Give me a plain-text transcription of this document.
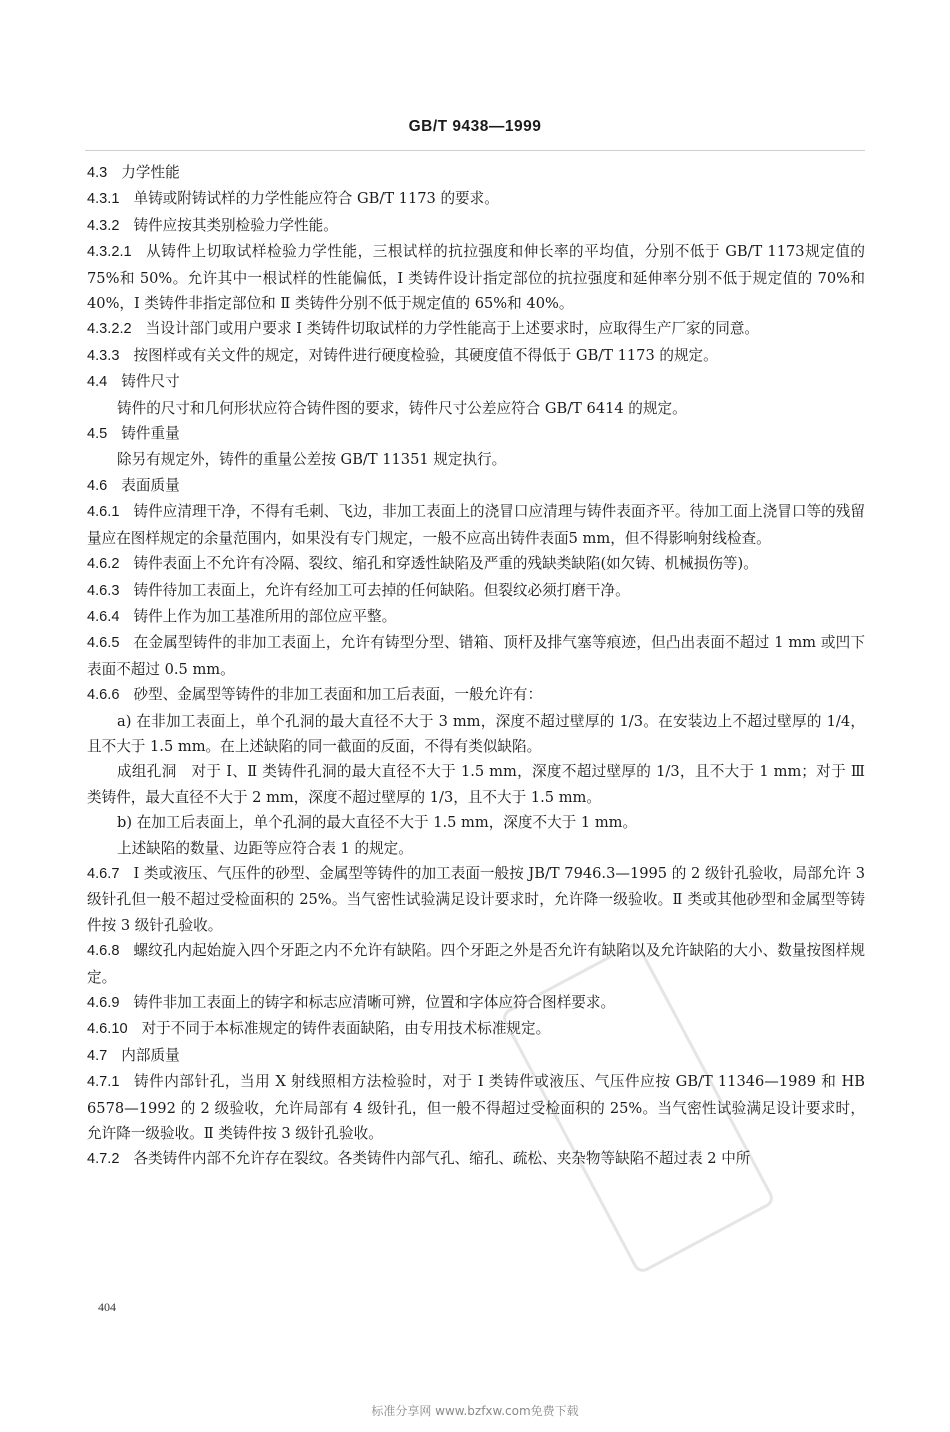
GB/T 9438—1999

4.3 力学性能

4.3.1 单铸或附铸试样的力学性能应符合 GB/T 1173 的要求。

4.3.2 铸件应按其类别检验力学性能。

4.3.2.1 从铸件上切取试样检验力学性能，三根试样的抗拉强度和伸长率的平均值，分别不低于 GB/T 1173规定值的 75%和 50%。允许其中一根试样的性能偏低，I 类铸件设计指定部位的抗拉强度和延伸率分别不低于规定值的 70%和 40%，I 类铸件非指定部位和 Ⅱ 类铸件分别不低于规定值的 65%和 40%。

4.3.2.2 当设计部门或用户要求 I 类铸件切取试样的力学性能高于上述要求时，应取得生产厂家的同意。

4.3.3 按图样或有关文件的规定，对铸件进行硬度检验，其硬度值不得低于 GB/T 1173 的规定。

4.4 铸件尺寸

铸件的尺寸和几何形状应符合铸件图的要求，铸件尺寸公差应符合 GB/T 6414 的规定。

4.5 铸件重量

除另有规定外，铸件的重量公差按 GB/T 11351 规定执行。

4.6 表面质量

4.6.1 铸件应清理干净，不得有毛刺、飞边，非加工表面上的浇冒口应清理与铸件表面齐平。待加工面上浇冒口等的残留量应在图样规定的余量范围内，如果没有专门规定，一般不应高出铸件表面5 mm，但不得影响射线检查。

4.6.2 铸件表面上不允许有冷隔、裂纹、缩孔和穿透性缺陷及严重的残缺类缺陷(如欠铸、机械损伤等)。

4.6.3 铸件待加工表面上，允许有经加工可去掉的任何缺陷。但裂纹必须打磨干净。

4.6.4 铸件上作为加工基准所用的部位应平整。

4.6.5 在金属型铸件的非加工表面上，允许有铸型分型、错箱、顶杆及排气塞等痕迹，但凸出表面不超过 1 mm 或凹下表面不超过 0.5 mm。

4.6.6 砂型、金属型等铸件的非加工表面和加工后表面，一般允许有：

a) 在非加工表面上，单个孔洞的最大直径不大于 3 mm，深度不超过壁厚的 1/3。在安装边上不超过壁厚的 1/4，且不大于 1.5 mm。在上述缺陷的同一截面的反面，不得有类似缺陷。

成组孔洞　对于 I、Ⅱ 类铸件孔洞的最大直径不大于 1.5 mm，深度不超过壁厚的 1/3，且不大于 1 mm；对于 Ⅲ 类铸件，最大直径不大于 2 mm，深度不超过壁厚的 1/3，且不大于 1.5 mm。

b) 在加工后表面上，单个孔洞的最大直径不大于 1.5 mm，深度不大于 1 mm。

上述缺陷的数量、边距等应符合表 1 的规定。

4.6.7 I 类或液压、气压件的砂型、金属型等铸件的加工表面一般按 JB/T 7946.3—1995 的 2 级针孔验收，局部允许 3 级针孔但一般不超过受检面积的 25%。当气密性试验满足设计要求时，允许降一级验收。Ⅱ 类或其他砂型和金属型等铸件按 3 级针孔验收。

4.6.8 螺纹孔内起始旋入四个牙距之内不允许有缺陷。四个牙距之外是否允许有缺陷以及允许缺陷的大小、数量按图样规定。

4.6.9 铸件非加工表面上的铸字和标志应清晰可辨，位置和字体应符合图样要求。

4.6.10 对于不同于本标准规定的铸件表面缺陷，由专用技术标准规定。

4.7 内部质量

4.7.1 铸件内部针孔，当用 X 射线照相方法检验时，对于 I 类铸件或液压、气压件应按 GB/T 11346—1989 和 HB 6578—1992 的 2 级验收，允许局部有 4 级针孔，但一般不得超过受检面积的 25%。当气密性试验满足设计要求时，允许降一级验收。Ⅱ 类铸件按 3 级针孔验收。

4.7.2 各类铸件内部不允许存在裂纹。各类铸件内部气孔、缩孔、疏松、夹杂物等缺陷不超过表 2 中所

404
标准分享网 www.bzfxw.com免费下载
